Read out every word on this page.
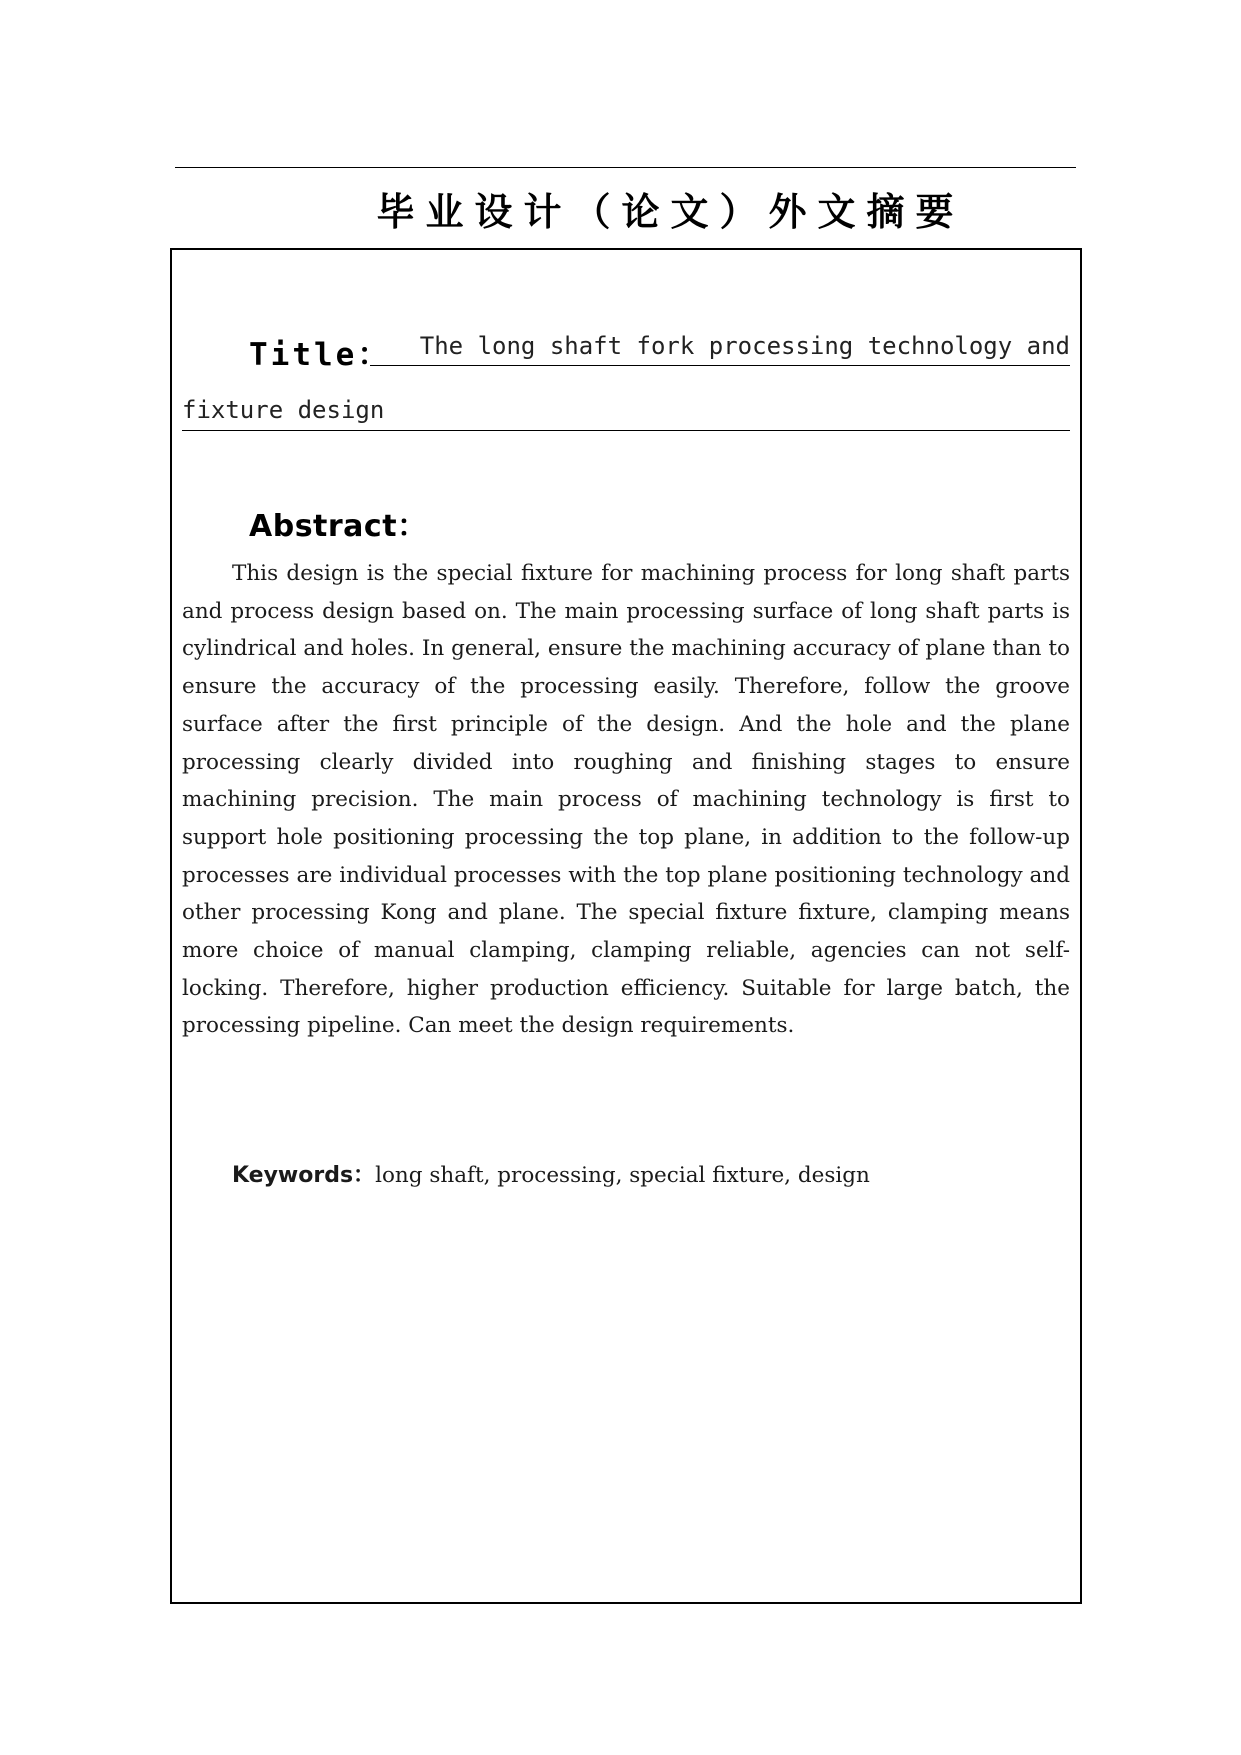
毕业设计（论文）外文摘要
Title：	The long shaft fork processing technology and
fixture design
Abstract：

This design is the special fixture for machining process for long shaft parts and process design based on. The main processing surface of long shaft parts is cylindrical and holes. In general, ensure the machining accuracy of plane than to ensure the accuracy of the processing easily. Therefore, follow the groove surface after the first principle of the design. And the hole and the plane processing clearly divided into roughing and finishing stages to ensure machining precision. The main process of machining technology is first to support hole positioning processing the top plane, in addition to the follow-up processes are individual processes with the top plane positioning technology and other processing Kong and plane. The special fixture fixture, clamping means more choice of manual clamping, clamping reliable, agencies can not self-locking. Therefore, higher production efficiency. Suitable for large batch, the processing pipeline. Can meet the design requirements.

Keywords：long shaft, processing, special fixture, design
